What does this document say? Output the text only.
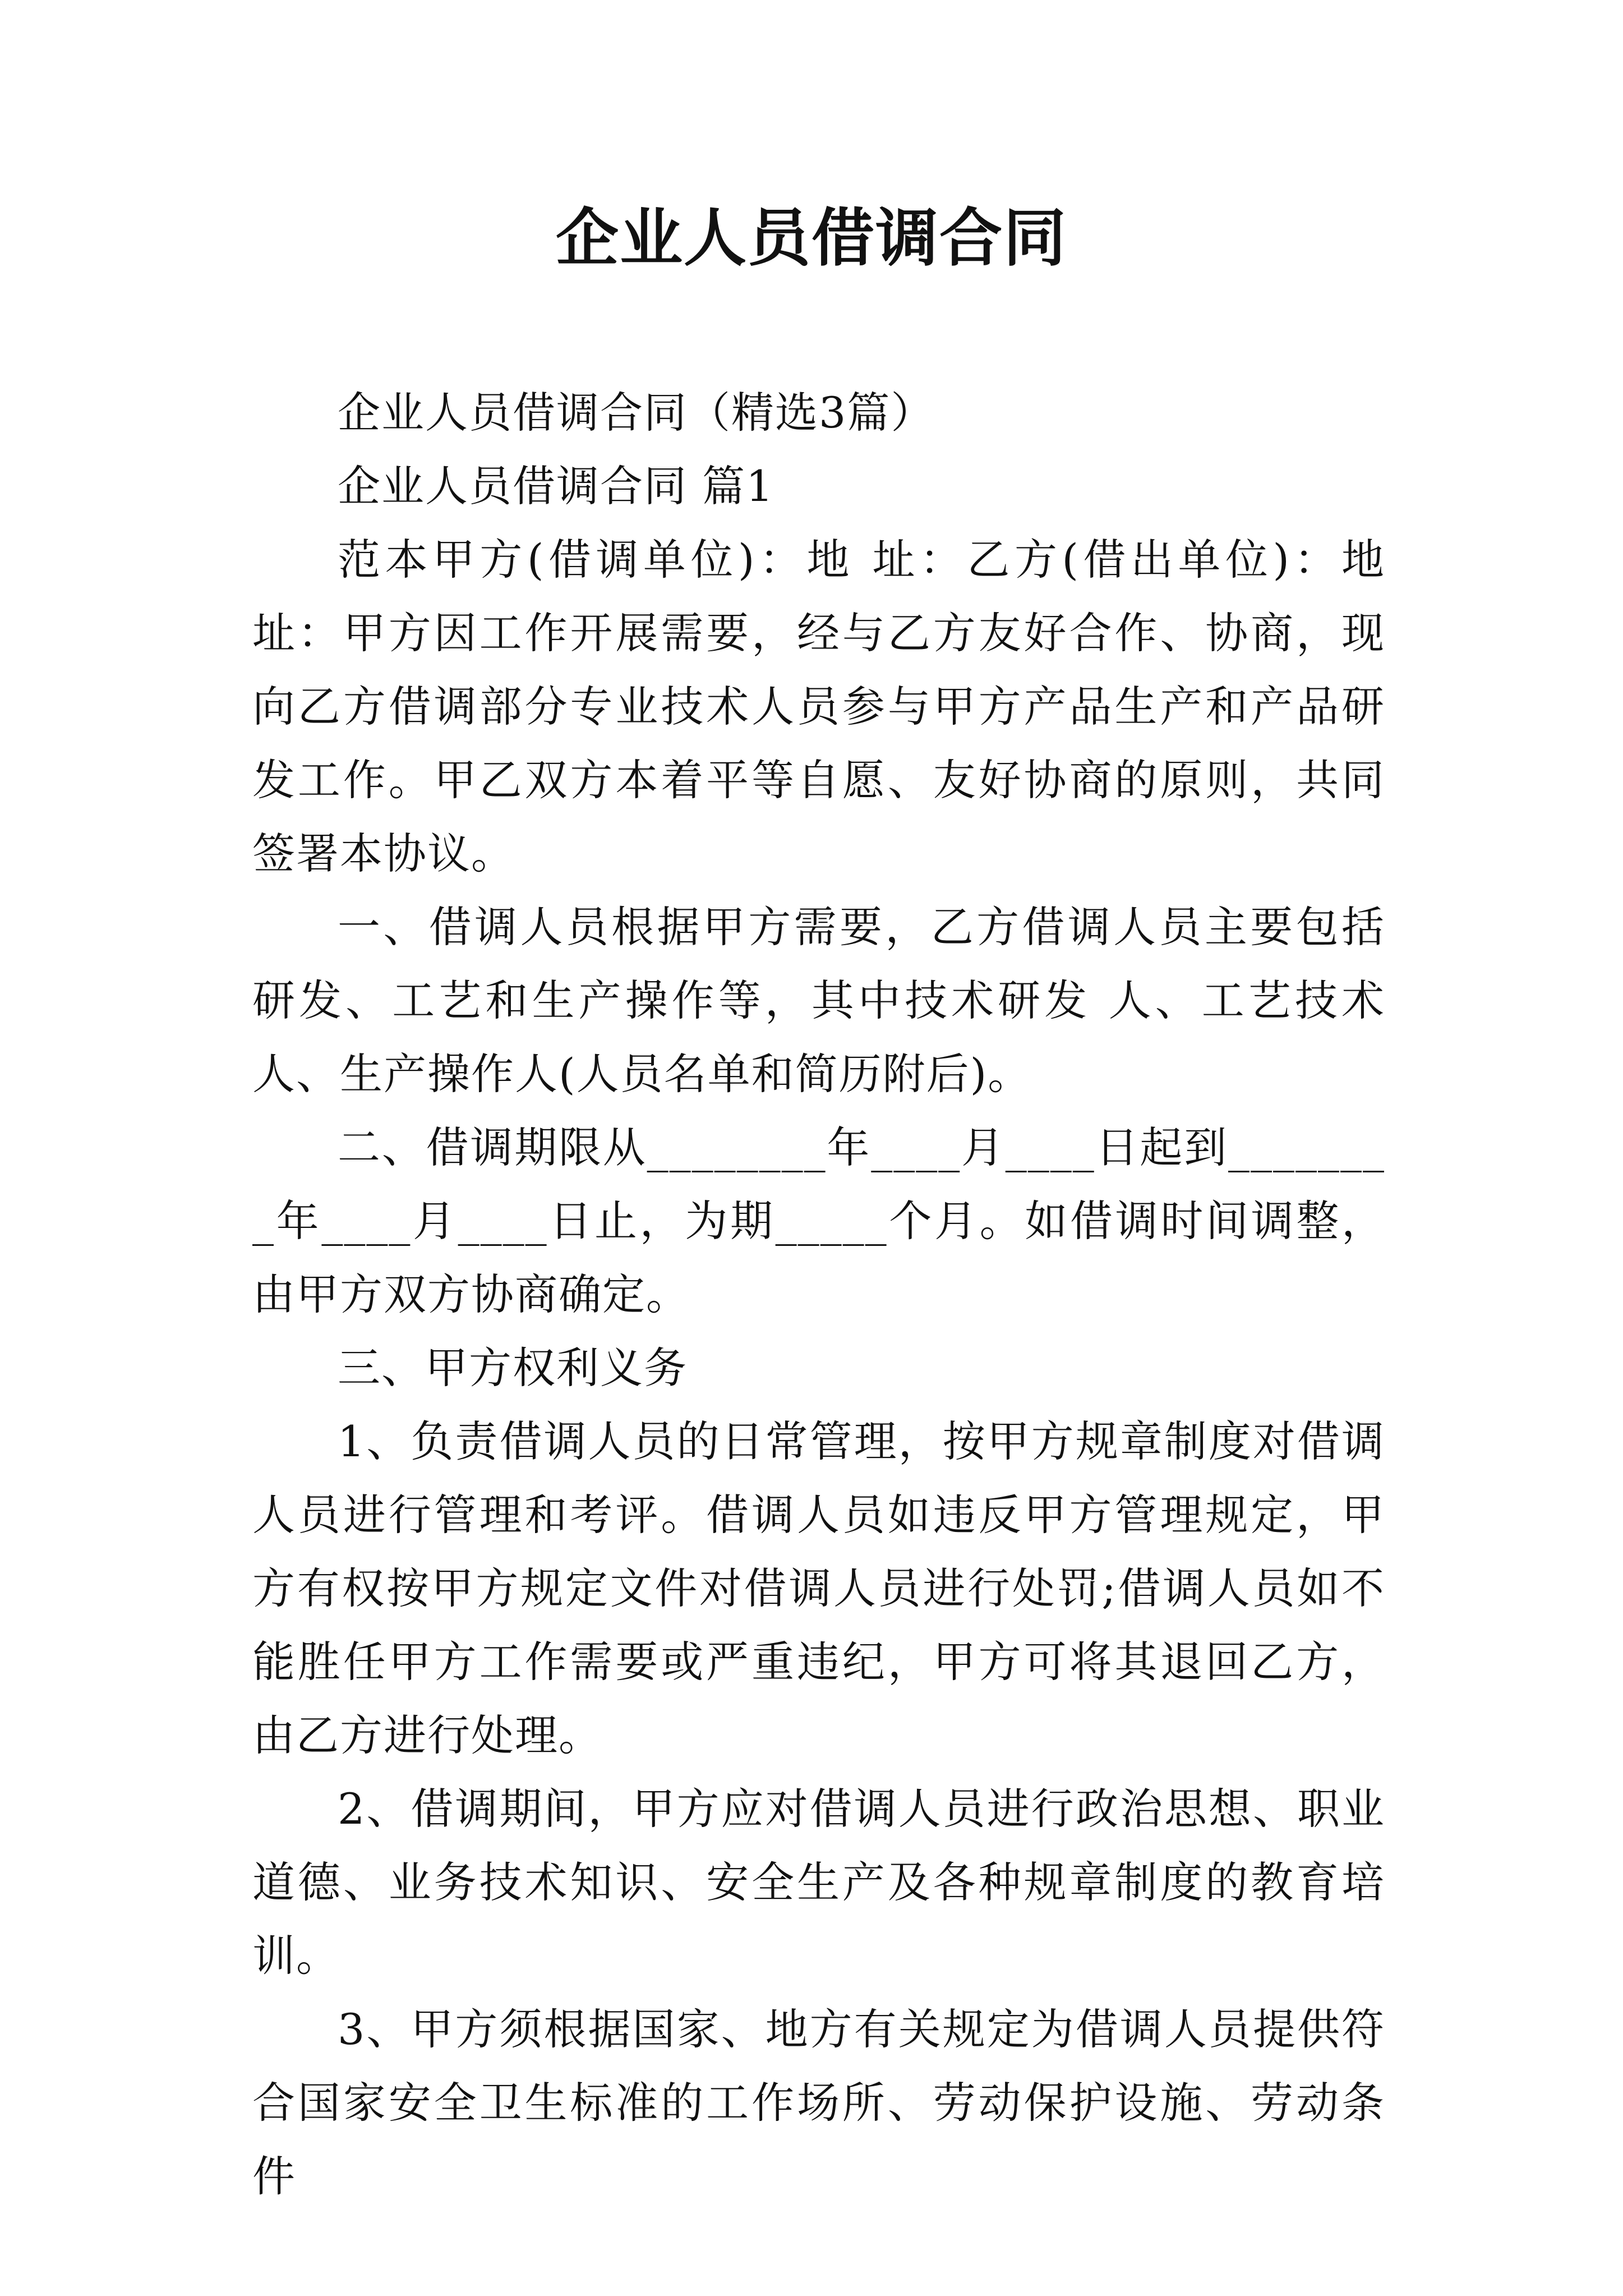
企业人员借调合同

企业人员借调合同（精选3篇）

企业人员借调合同 篇1

范本甲方(借调单位)：地 址：乙方(借出单位)：地 址：甲方因工作开展需要，经与乙方友好合作、协商，现向乙方借调部分专业技术人员参与甲方产品生产和产品研发工作。甲乙双方本着平等自愿、友好协商的原则，共同签署本协议。

一、借调人员根据甲方需要，乙方借调人员主要包括研发、工艺和生产操作等，其中技术研发 人、工艺技术 人、生产操作人(人员名单和简历附后)。

二、借调期限从________年____月____日起到________年____月____日止，为期_____个月。如借调时间调整，由甲方双方协商确定。

三、甲方权利义务

1、负责借调人员的日常管理，按甲方规章制度对借调人员进行管理和考评。借调人员如违反甲方管理规定，甲方有权按甲方规定文件对借调人员进行处罚;借调人员如不能胜任甲方工作需要或严重违纪，甲方可将其退回乙方，由乙方进行处理。

2、借调期间，甲方应对借调人员进行政治思想、职业道德、业务技术知识、安全生产及各种规章制度的教育培训。

3、甲方须根据国家、地方有关规定为借调人员提供符合国家安全卫生标准的工作场所、劳动保护设施、劳动条件
